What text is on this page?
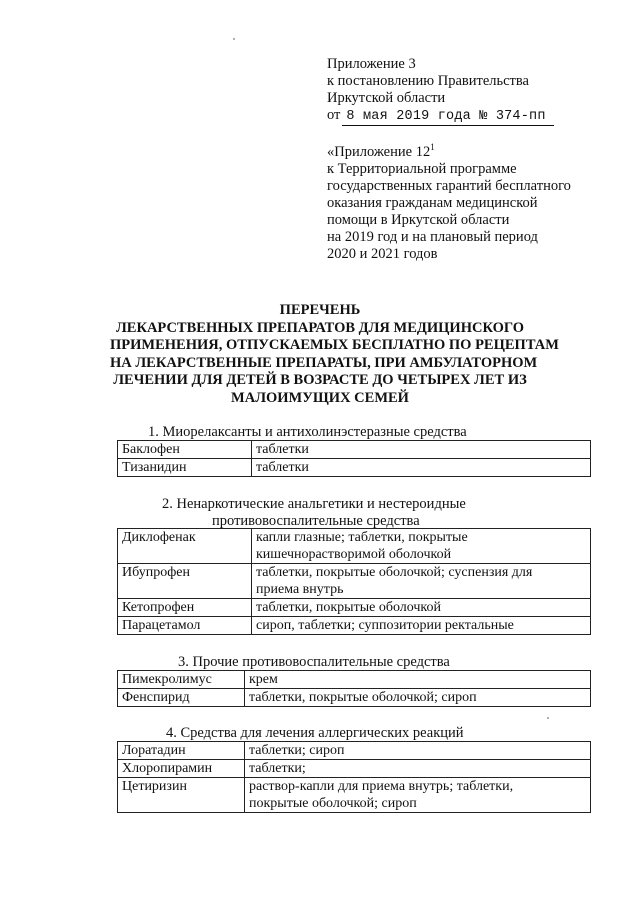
Приложение 3
к постановлению Правительства
Иркутской области
от 8 мая 2019 года № 374-пп
«Приложение $12^1$
к Территориальной программе
государственных гарантий бесплатного
оказания гражданам медицинской
помощи в Иркутской области
на 2019 год и на плановый период
2020 и 2021 годов
ПЕРЕЧЕНЬ
ЛЕКАРСТВЕННЫХ ПРЕПАРАТОВ ДЛЯ МЕДИЦИНСКОГО
ПРИМЕНЕНИЯ, ОТПУСКАЕМЫХ БЕСПЛАТНО ПО РЕЦЕПТАМ
НА ЛЕКАРСТВЕННЫЕ ПРЕПАРАТЫ, ПРИ АМБУЛАТОРНОМ
ЛЕЧЕНИИ ДЛЯ ДЕТЕЙ В ВОЗРАСТЕ ДО ЧЕТЫРЕХ ЛЕТ ИЗ
МАЛОИМУЩИХ СЕМЕЙ
1. Миорелаксанты и антихолинэстеразные средства
Баклофен	таблетки
Тизанидин	таблетки
2. Ненаркотические анальгетики и нестероидные
противовоспалительные средства
Диклофенак	капли глазные; таблетки, покрытые
кишечнорастворимой оболочкой

Ибупрофен	таблетки, покрытые оболочкой; суспензия для
приема внутрь

Кетопрофен	таблетки, покрытые оболочкой
Парацетамол	сироп, таблетки; суппозитории ректальные
3. Прочие противовоспалительные средства
Пимекролимус	крем
Фенспирид	таблетки, покрытые оболочкой; сироп
4. Средства для лечения аллергических реакций
Лоратадин	таблетки; сироп
Хлоропирамин	таблетки;
Цетиризин	раствор-капли для приема внутрь; таблетки,
покрытые оболочкой; сироп
